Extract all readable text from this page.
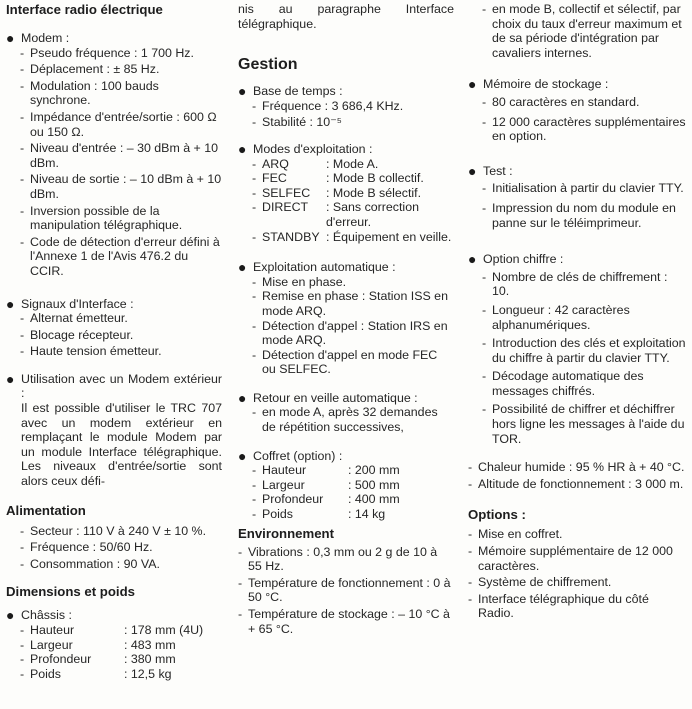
Interface radio électrique
● Modem :
- Pseudo fréquence : 1 700 Hz.
- Déplacement : ± 85 Hz.
- Modulation : 100 bauds synchrone.
- Impédance d'entrée/sortie : 600 Ω ou 150 Ω.
- Niveau d'entrée : – 30 dBm à + 10 dBm.
- Niveau de sortie : – 10 dBm à + 10 dBm.
- Inversion possible de la manipulation télégraphique.
- Code de détection d'erreur défini à l'Annexe 1 de l'Avis 476.2 du CCIR.
● Signaux d'Interface :
- Alternat émetteur.
- Blocage récepteur.
- Haute tension émetteur.
● Utilisation avec un Modem extérieur :

Il est possible d'utiliser le TRC 707 avec un modem extérieur en remplaçant le module Modem par un module Interface télégraphique. Les niveaux d'entrée/sortie sont alors ceux défi-

Alimentation
- Secteur : 110 V à 240 V ± 10 %.
- Fréquence : 50/60 Hz.
- Consommation : 90 VA.
Dimensions et poids
● Châssis :
- Hauteur	: 178 mm (4U)
- Largeur	: 483 mm
- Profondeur	: 380 mm
- Poids	: 12,5 kg

nis au paragraphe Interface télégraphique.

Gestion
● Base de temps :
- Fréquence : 3 686,4 KHz.
- Stabilité : 10⁻⁵
● Modes d'exploitation :
- ARQ	: Mode A.
- FEC	: Mode B collectif.
- SELFEC	: Mode B sélectif.
- DIRECT	: Sans correction d'erreur.
- STANDBY	: Équipement en veille.
● Exploitation automatique :
- Mise en phase.
- Remise en phase : Station ISS en mode ARQ.
- Détection d'appel : Station IRS en mode ARQ.
- Détection d'appel en mode FEC ou SELFEC.
● Retour en veille automatique :
- en mode A, après 32 demandes de répétition successives,
● Coffret (option) :
- Hauteur	: 200 mm
- Largeur	: 500 mm
- Profondeur	: 400 mm
- Poids	: 14 kg
Environnement
- Vibrations : 0,3 mm ou 2 g de 10 à 55 Hz.
- Température de fonctionnement : 0 à 50 °C.
- Température de stockage : – 10 °C à + 65 °C.
- en mode B, collectif et sélectif, par choix du taux d'erreur maximum et de sa période d'intégration par cavaliers internes.
● Mémoire de stockage :
- 80 caractères en standard.
- 12 000 caractères supplémentaires en option.
● Test :
- Initialisation à partir du clavier TTY.
- Impression du nom du module en panne sur le téléimprimeur.
● Option chiffre :
- Nombre de clés de chiffrement : 10.
- Longueur : 42 caractères alphanumériques.
- Introduction des clés et exploitation du chiffre à partir du clavier TTY.
- Décodage automatique des messages chiffrés.
- Possibilité de chiffrer et déchiffrer hors ligne les messages à l'aide du TOR.
- Chaleur humide : 95 % HR à + 40 °C.
- Altitude de fonctionnement : 3 000 m.
Options :
- Mise en coffret.
- Mémoire supplémentaire de 12 000 caractères.
- Système de chiffrement.
- Interface télégraphique du côté Radio.
